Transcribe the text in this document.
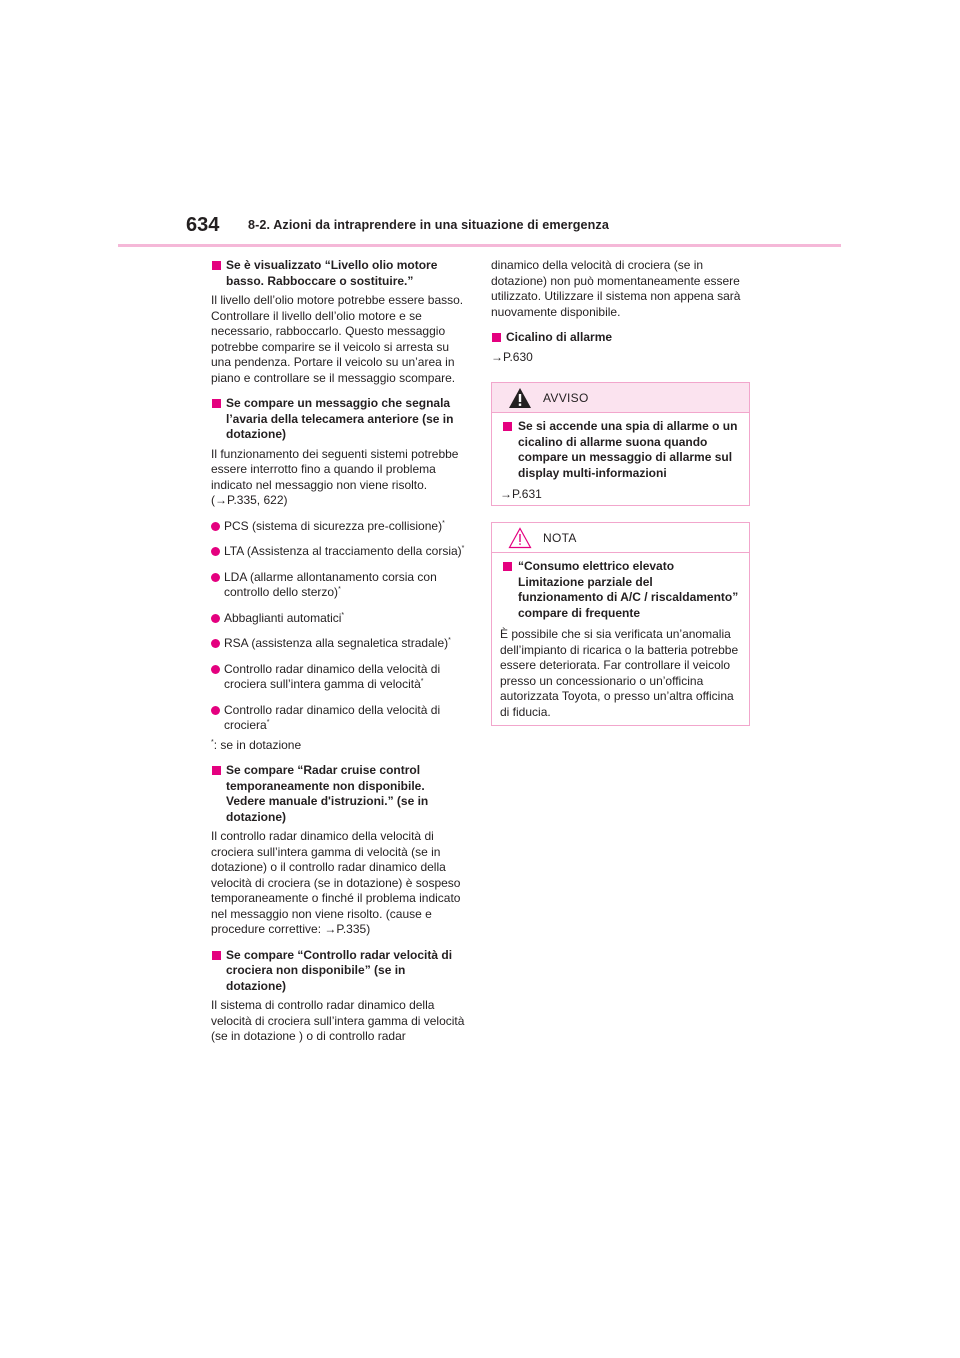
634 8-2. Azioni da intraprendere in una situazione di emergenza
Se è visualizzato “Livello olio motore basso. Rabboccare o sostituire.”

Il livello dell’olio motore potrebbe essere basso. Controllare il livello dell’olio motore e se necessario, rabboccarlo. Questo messaggio potrebbe comparire se il veicolo si arresta su una pendenza. Portare il veicolo su un’area in piano e controllare se il messaggio scompare.

Se compare un messaggio che segnala l’avaria della telecamera anteriore (se in dotazione)

Il funzionamento dei seguenti sistemi potrebbe essere interrotto fino a quando il problema indicato nel messaggio non viene risolto. (→P.335, 622)

PCS (sistema di sicurezza pre-collisione)*
LTA (Assistenza al tracciamento della corsia)*
LDA (allarme allontanamento corsia con controllo dello sterzo)*
Abbaglianti automatici*
RSA (assistenza alla segnaletica stradale)*
Controllo radar dinamico della velocità di crociera sull’intera gamma di velocità*
Controllo radar dinamico della velocità di crociera*

*: se in dotazione

Se compare “Radar cruise control temporaneamente non disponibile. Vedere manuale d'istruzioni.” (se in dotazione)

Il controllo radar dinamico della velocità di crociera sull’intera gamma di velocità (se in dotazione) o il controllo radar dinamico della velocità di crociera (se in dotazione) è sospeso temporaneamente o finché il problema indicato nel messaggio non viene risolto. (cause e procedure correttive: →P.335)

Se compare “Controllo radar velocità di crociera non disponibile” (se in dotazione)

Il sistema di controllo radar dinamico della velocità di crociera sull’intera gamma di velocità (se in dotazione ) o di controllo radar

dinamico della velocità di crociera (se in dotazione) non può momentaneamente essere utilizzato. Utilizzare il sistema non appena sarà nuovamente disponibile.

Cicalino di allarme

→P.630

AVVISO
Se si accende una spia di allarme o un cicalino di allarme suona quando compare un messaggio di allarme sul display multi-informazioni

→P.631

NOTA
“Consumo elettrico elevato Limitazione parziale del funzionamento di A/C / riscaldamento” compare di frequente

È possibile che si sia verificata un’anomalia dell’impianto di ricarica o la batteria potrebbe essere deteriorata. Far controllare il veicolo presso un concessionario o un’officina autorizzata Toyota, o presso un’altra officina di fiducia.
